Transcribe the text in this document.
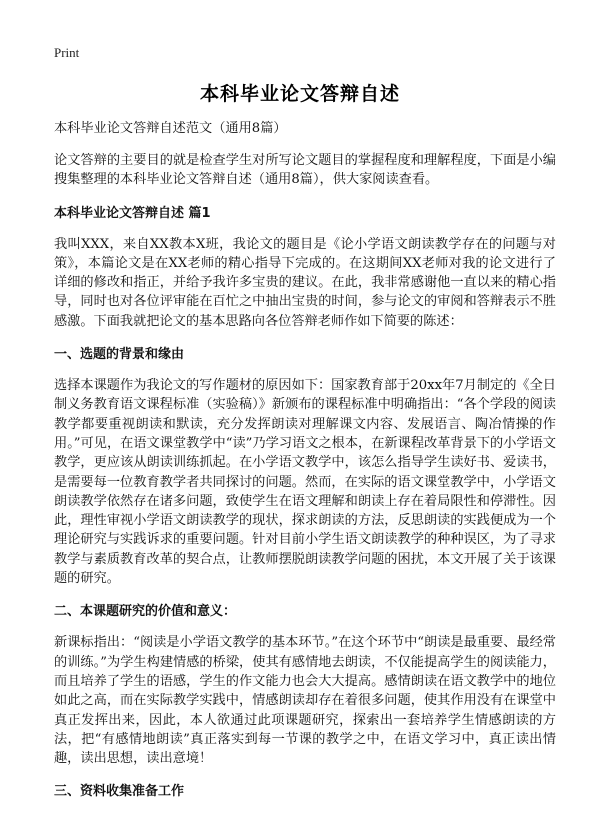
Print
本科毕业论文答辩自述
本科毕业论文答辩自述范文（通用8篇）

论文答辩的主要目的就是检查学生对所写论文题目的掌握程度和理解程度，下面是小编搜集整理的本科毕业论文答辩自述（通用8篇），供大家阅读查看。

本科毕业论文答辩自述 篇1

我叫XXX，来自XX教本X班，我论文的题目是《论小学语文朗读教学存在的问题与对策》，本篇论文是在XX老师的精心指导下完成的。在这期间XX老师对我的论文进行了详细的修改和指正，并给予我许多宝贵的建议。在此，我非常感谢他一直以来的精心指导，同时也对各位评审能在百忙之中抽出宝贵的时间，参与论文的审阅和答辩表示不胜感激。下面我就把论文的基本思路向各位答辩老师作如下简要的陈述：

一、选题的背景和缘由

选择本课题作为我论文的写作题材的原因如下：国家教育部于20xx年7月制定的《全日制义务教育语文课程标准（实验稿）》新颁布的课程标准中明确指出：“各个学段的阅读教学都要重视朗读和默读，充分发挥朗读对理解课文内容、发展语言、陶冶情操的作用。”可见，在语文课堂教学中“读”乃学习语文之根本，在新课程改革背景下的小学语文教学，更应该从朗读训练抓起。在小学语文教学中，该怎么指导学生读好书、爱读书，是需要每一位教育教学者共同探讨的问题。然而，在实际的语文课堂教学中，小学语文朗读教学依然存在诸多问题，致使学生在语文理解和朗读上存在着局限性和停滞性。因此，理性审视小学语文朗读教学的现状，探求朗读的方法，反思朗读的实践便成为一个理论研究与实践诉求的重要问题。针对目前小学生语文朗读教学的种种误区，为了寻求教学与素质教育改革的契合点，让教师摆脱朗读教学问题的困扰，本文开展了关于该课题的研究。

二、本课题研究的价值和意义：

新课标指出：“阅读是小学语文教学的基本环节。”在这个环节中“朗读是最重要、最经常的训练。”为学生构建情感的桥梁，使其有感情地去朗读，不仅能提高学生的阅读能力，而且培养了学生的语感，学生的作文能力也会大大提高。感情朗读在语文教学中的地位如此之高，而在实际教学实践中，情感朗读却存在着很多问题，使其作用没有在课堂中真正发挥出来，因此，本人欲通过此项课题研究，探索出一套培养学生情感朗读的方法，把“有感情地朗读”真正落实到每一节课的教学之中，在语文学习中，真正读出情趣，读出思想，读出意境！

三、资料收集准备工作
